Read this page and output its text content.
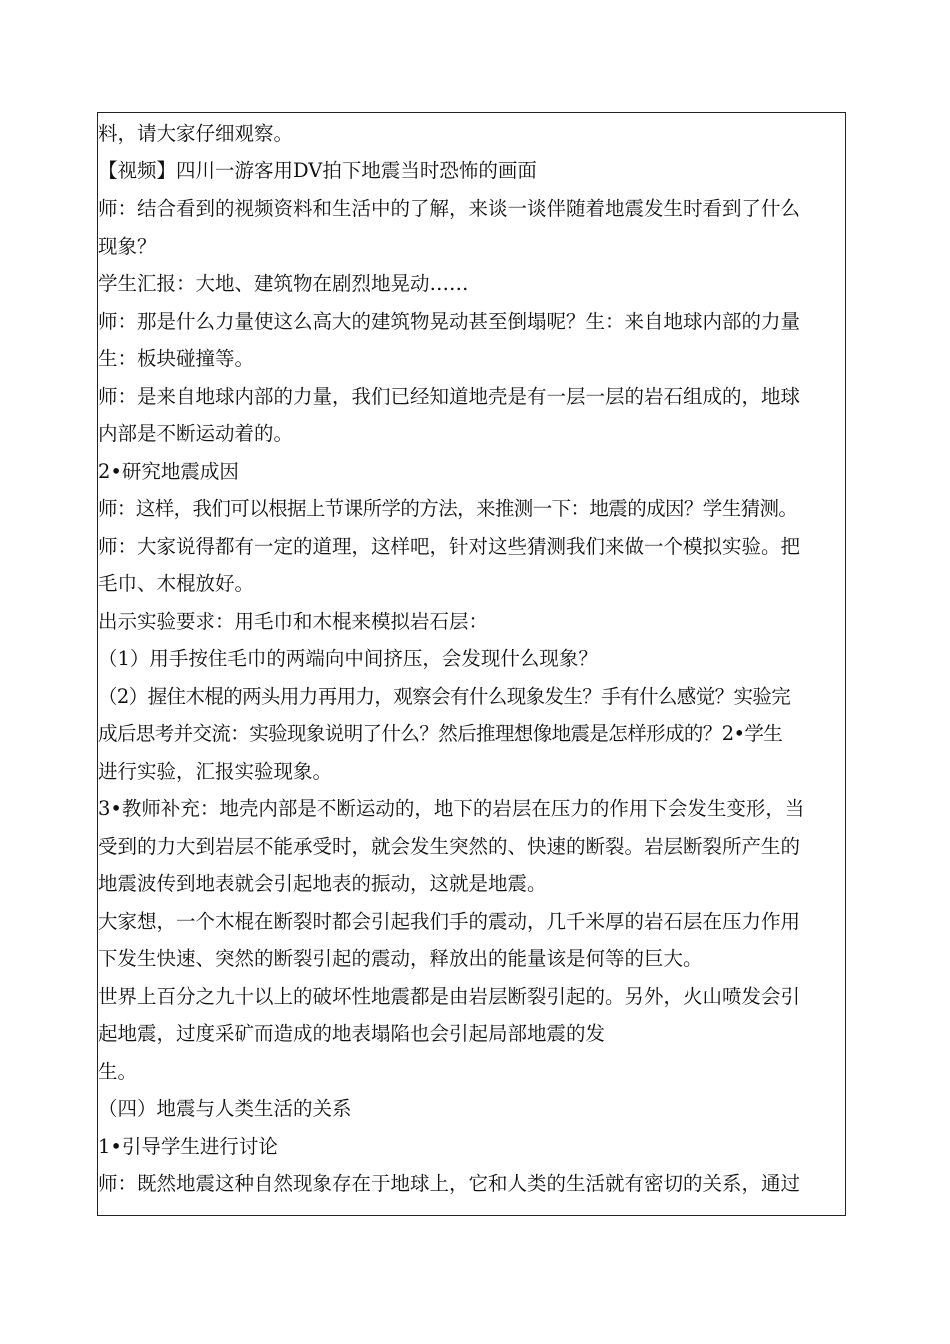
料，请大家仔细观察。
【视频】四川一游客用DV拍下地震当时恐怖的画面
师：结合看到的视频资料和生活中的了解，来谈一谈伴随着地震发生时看到了什么
现象？
学生汇报：大地、建筑物在剧烈地晃动……
师：那是什么力量使这么高大的建筑物晃动甚至倒塌呢？生：来自地球内部的力量
生：板块碰撞等。
师：是来自地球内部的力量，我们已经知道地壳是有一层一层的岩石组成的，地球
内部是不断运动着的。
2•研究地震成因
师：这样，我们可以根据上节课所学的方法，来推测一下：地震的成因？学生猜测。
师：大家说得都有一定的道理，这样吧，针对这些猜测我们来做一个模拟实验。把
毛巾、木棍放好。
出示实验要求：用毛巾和木棍来模拟岩石层：
（1）用手按住毛巾的两端向中间挤压，会发现什么现象？
（2）握住木棍的两头用力再用力，观察会有什么现象发生？手有什么感觉？实验完
成后思考并交流：实验现象说明了什么？然后推理想像地震是怎样形成的？2•学生
进行实验，汇报实验现象。
3•教师补充：地壳内部是不断运动的，地下的岩层在压力的作用下会发生变形，当
受到的力大到岩层不能承受时，就会发生突然的、快速的断裂。岩层断裂所产生的
地震波传到地表就会引起地表的振动，这就是地震。
大家想，一个木棍在断裂时都会引起我们手的震动，几千米厚的岩石层在压力作用
下发生快速、突然的断裂引起的震动，释放出的能量该是何等的巨大。
世界上百分之九十以上的破坏性地震都是由岩层断裂引起的。另外，火山喷发会引
起地震，过度采矿而造成的地表塌陷也会引起局部地震的发
生。
（四）地震与人类生活的关系
1•引导学生进行讨论
师：既然地震这种自然现象存在于地球上，它和人类的生活就有密切的关系，通过
